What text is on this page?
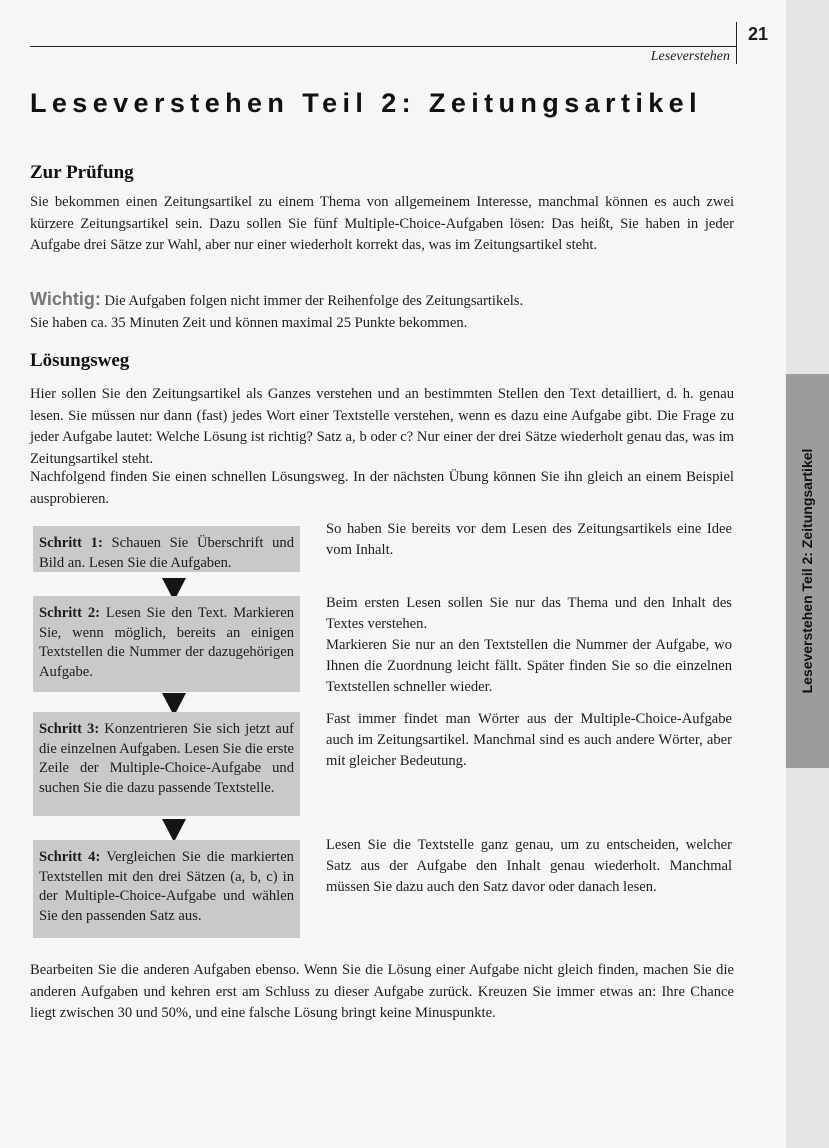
Leseverstehen Teil 2: Zeitungsartikel
21
Leseverstehen
Leseverstehen Teil 2: Zeitungsartikel
Zur Prüfung

Sie bekommen einen Zeitungsartikel zu einem Thema von allgemeinem Interesse, manchmal können es auch zwei kürzere Zeitungsartikel sein. Dazu sollen Sie fünf Multiple-Choice-Aufgaben lösen: Das heißt, Sie haben in jeder Aufgabe drei Sätze zur Wahl, aber nur einer wiederholt korrekt das, was im Zeitungsartikel steht.

Wichtig: Die Aufgaben folgen nicht immer der Reihenfolge des Zeitungsartikels.
Sie haben ca. 35 Minuten Zeit und können maximal 25 Punkte bekommen.

Lösungsweg

Hier sollen Sie den Zeitungsartikel als Ganzes verstehen und an bestimmten Stellen den Text detailliert, d. h. genau lesen. Sie müssen nur dann (fast) jedes Wort einer Textstelle verstehen, wenn es dazu eine Aufgabe gibt. Die Frage zu jeder Aufgabe lautet: Welche Lösung ist richtig? Satz a, b oder c? Nur einer der drei Sätze wiederholt genau das, was im Zeitungsartikel steht.

Nachfolgend finden Sie einen schnellen Lösungsweg. In der nächsten Übung können Sie ihn gleich an einem Beispiel ausprobieren.

Schritt 1: Schauen Sie Überschrift und Bild an. Lesen Sie die Aufgaben.
Schritt 2: Lesen Sie den Text. Markieren Sie, wenn möglich, bereits an einigen Textstellen die Nummer der dazugehörigen Aufgabe.
Schritt 3: Konzentrieren Sie sich jetzt auf die einzelnen Aufgaben. Lesen Sie die erste Zeile der Multiple-Choice-Aufgabe und suchen Sie die dazu passende Textstelle.
Schritt 4: Vergleichen Sie die markierten Textstellen mit den drei Sätzen (a, b, c) in der Multiple-Choice-Aufgabe und wählen Sie den passenden Satz aus.

So haben Sie bereits vor dem Lesen des Zeitungsartikels eine Idee vom Inhalt.

Beim ersten Lesen sollen Sie nur das Thema und den Inhalt des Textes verstehen.

Markieren Sie nur an den Textstellen die Nummer der Aufgabe, wo Ihnen die Zuordnung leicht fällt. Später finden Sie so die einzelnen Textstellen schneller wieder.

Fast immer findet man Wörter aus der Multiple-Choice-Aufgabe auch im Zeitungsartikel. Manchmal sind es auch andere Wörter, aber mit gleicher Bedeutung.

Lesen Sie die Textstelle ganz genau, um zu entscheiden, welcher Satz aus der Aufgabe den Inhalt genau wiederholt. Manchmal müssen Sie dazu auch den Satz davor oder danach lesen.

Bearbeiten Sie die anderen Aufgaben ebenso. Wenn Sie die Lösung einer Aufgabe nicht gleich finden, machen Sie die anderen Aufgaben und kehren erst am Schluss zu dieser Aufgabe zurück. Kreuzen Sie immer etwas an: Ihre Chance liegt zwischen 30 und 50%, und eine falsche Lösung bringt keine Minuspunkte.
